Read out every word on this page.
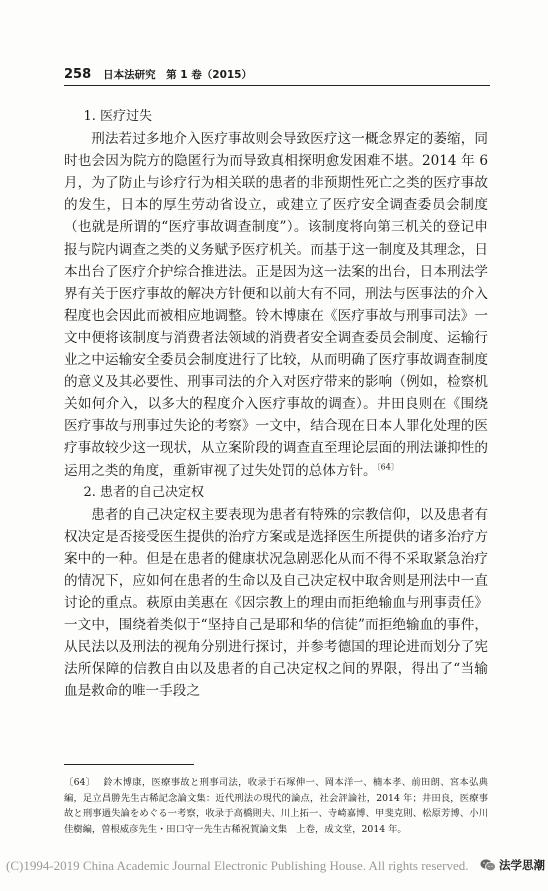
258 日本法研究　第 1 卷（2015）

1. 医疗过失

刑法若过多地介入医疗事故则会导致医疗这一概念界定的萎缩，同时也会因为院方的隐匿行为而导致真相探明愈发困难不堪。2014 年 6 月，为了防止与诊疗行为相关联的患者的非预期性死亡之类的医疗事故的发生，日本的厚生劳动省设立，或建立了医疗安全调查委员会制度（也就是所谓的“医疗事故调查制度”）。该制度将向第三机关的登记申报与院内调查之类的义务赋予医疗机关。而基于这一制度及其理念，日本出台了医疗介护综合推进法。正是因为这一法案的出台，日本刑法学界有关于医疗事故的解决方针便和以前大有不同，刑法与医事法的介入程度也会因此而被相应地调整。铃木博康在《医疗事故与刑事司法》一文中便将该制度与消费者法领域的消费者安全调查委员会制度、运输行业之中运输安全委员会制度进行了比较，从而明确了医疗事故调查制度的意义及其必要性、刑事司法的介入对医疗带来的影响（例如，检察机关如何介入，以多大的程度介入医疗事故的调查）。井田良则在《围绕医疗事故与刑事过失论的考察》一文中，结合现在日本人罪化处理的医疗事故较少这一现状，从立案阶段的调查直至理论层面的刑法谦抑性的运用之类的角度，重新审视了过失处罚的总体方针。$^{〔64〕}$

2. 患者的自己决定权

患者的自己决定权主要表现为患者有特殊的宗教信仰，以及患者有权决定是否接受医生提供的治疗方案或是选择医生所提供的诸多治疗方案中的一种。但是在患者的健康状况急剧恶化从而不得不采取紧急治疗的情况下，应如何在患者的生命以及自己决定权中取舍则是刑法中一直讨论的重点。萩原由美惠在《因宗教上的理由而拒绝输血与刑事责任》一文中，围绕着类似于“坚持自己是耶和华的信徒”而拒绝输血的事件，从民法以及刑法的视角分别进行探讨，并参考德国的理论进而划分了宪法所保障的信教自由以及患者的自己决定权之间的界限，得出了“当输血是救命的唯一手段之

〔64〕 鈴木博康，医療事故と刑事司法，收录于石塚伸一、岡本洋一、楠本孝、前田朗、宮本弘典編，足立昌勝先生古稀記念論文集：近代刑法の現代的論点，社会評論社，2014 年；井田良，医療事故と刑事過失論をめぐる一考察，收录于高橋則夫、川上拓一、寺崎嘉博、甲斐克則、松原芳博、小川佳樹編，曽根威彦先生・田口守一先生古稀祝賀論文集　上卷，成文堂，2014 年。
(C)1994-2019 China Academic Journal Electronic Publishing House. All rights reserved.	法学思潮
